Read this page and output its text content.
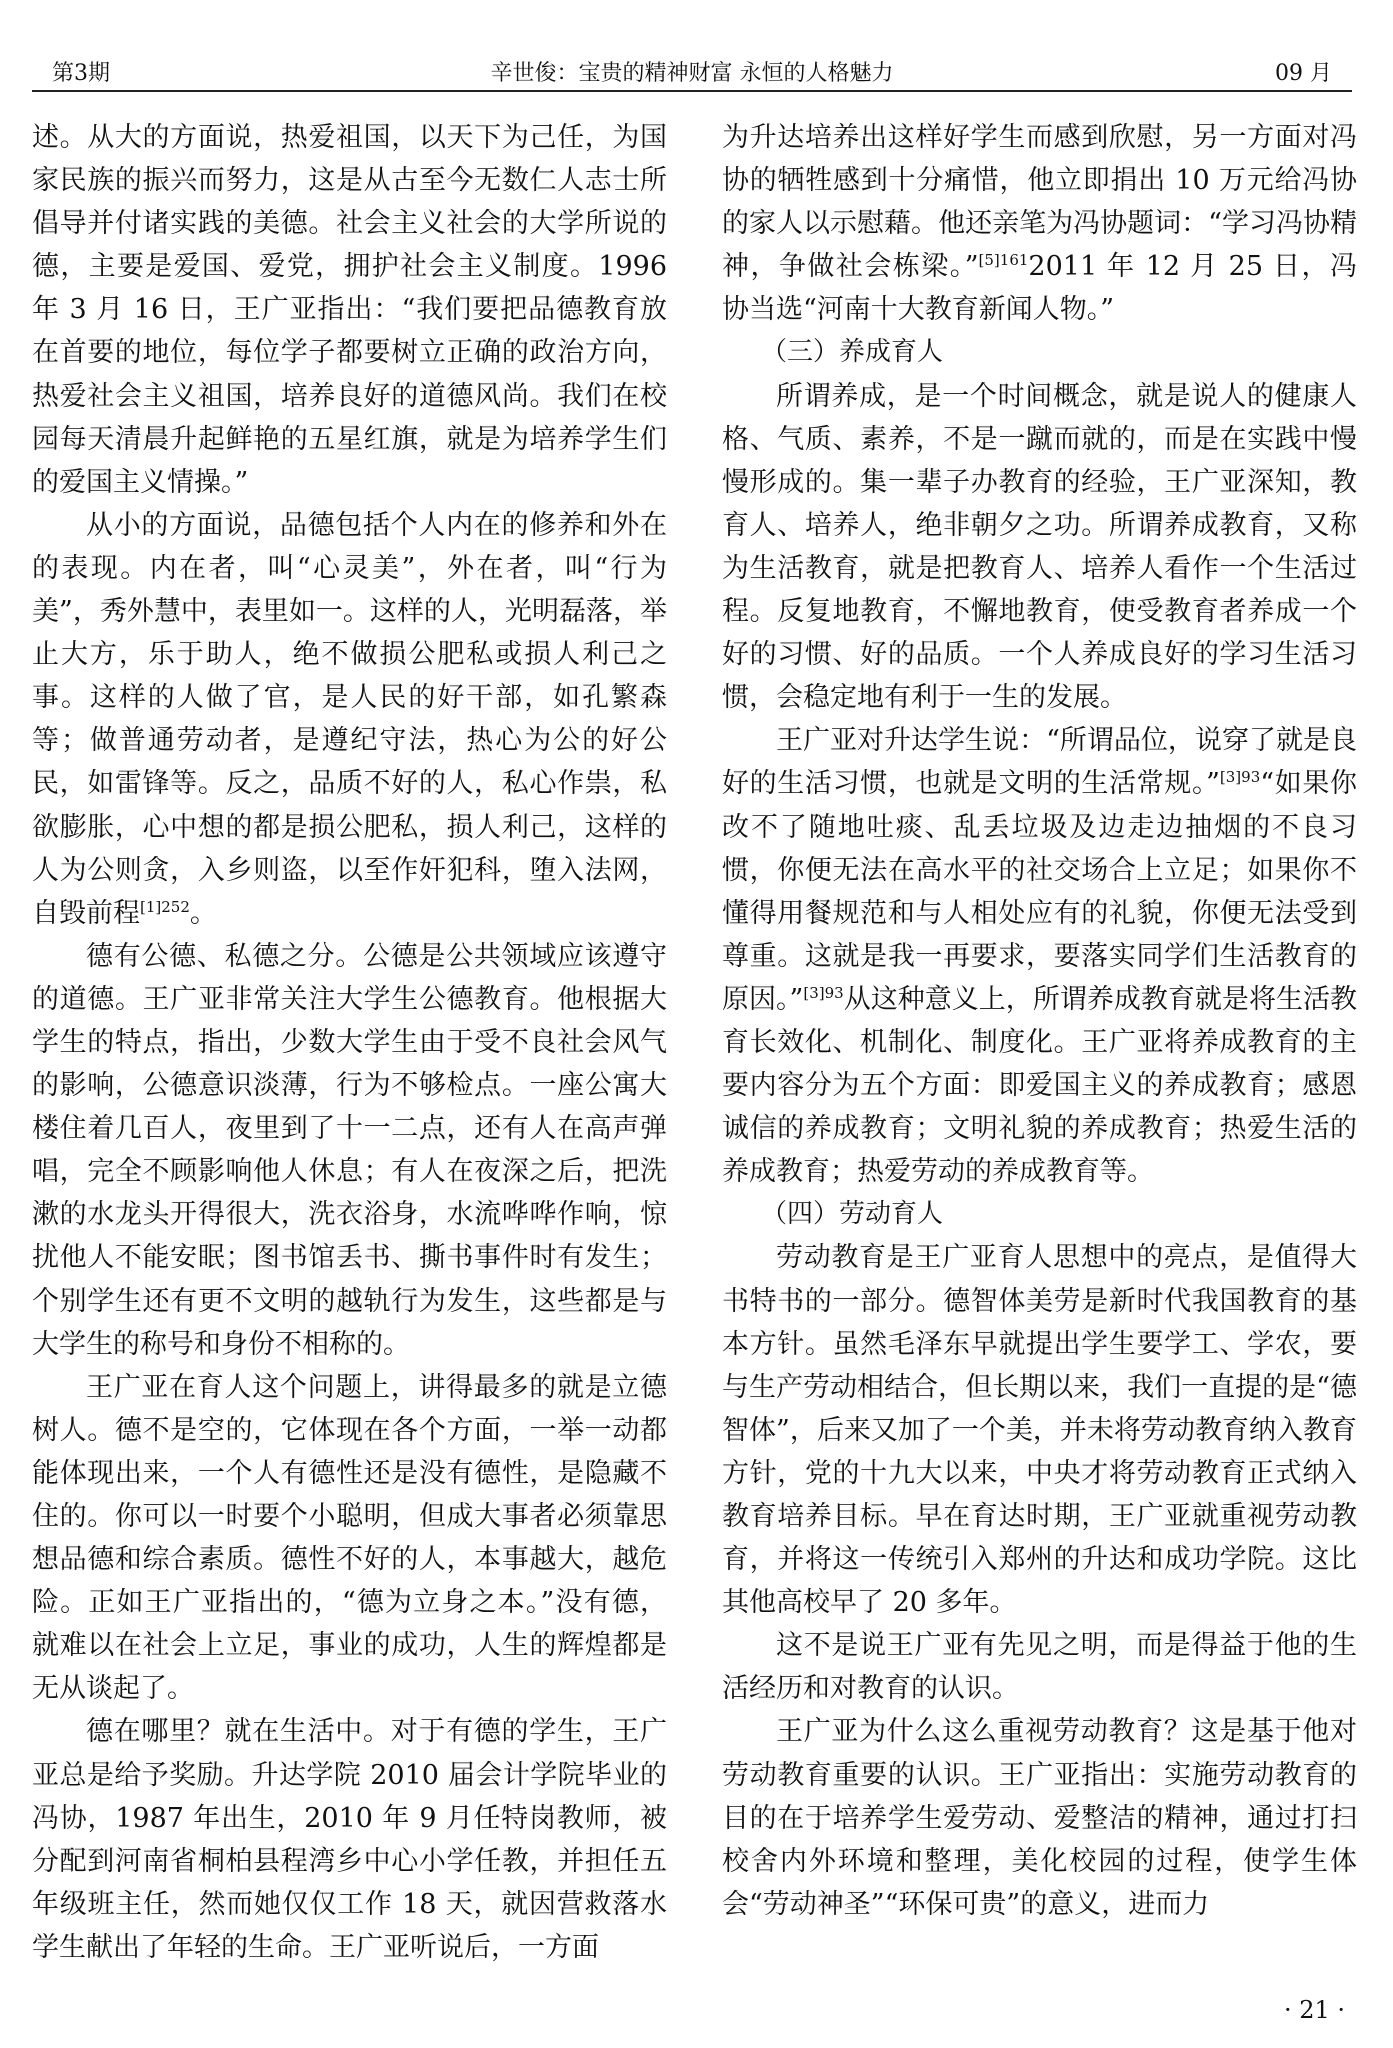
第3期	辛世俊：宝贵的精神财富 永恒的人格魅力	09 月

述。从大的方面说，热爱祖国，以天下为己任，为国家民族的振兴而努力，这是从古至今无数仁人志士所倡导并付诸实践的美德。社会主义社会的大学所说的德，主要是爱国、爱党，拥护社会主义制度。1996 年 3 月 16 日，王广亚指出：“我们要把品德教育放在首要的地位，每位学子都要树立正确的政治方向，热爱社会主义祖国，培养良好的道德风尚。我们在校园每天清晨升起鲜艳的五星红旗，就是为培养学生们的爱国主义情操。”

从小的方面说，品德包括个人内在的修养和外在的表现。内在者，叫“心灵美”，外在者，叫“行为美”，秀外慧中，表里如一。这样的人，光明磊落，举止大方，乐于助人，绝不做损公肥私或损人利己之事。这样的人做了官，是人民的好干部，如孔繁森等；做普通劳动者，是遵纪守法，热心为公的好公民，如雷锋等。反之，品质不好的人，私心作祟，私欲膨胀，心中想的都是损公肥私，损人利己，这样的人为公则贪，入乡则盗，以至作奸犯科，堕入法网，自毁前程$^{[1]252}$。

德有公德、私德之分。公德是公共领域应该遵守的道德。王广亚非常关注大学生公德教育。他根据大学生的特点，指出，少数大学生由于受不良社会风气的影响，公德意识淡薄，行为不够检点。一座公寓大楼住着几百人，夜里到了十一二点，还有人在高声弹唱，完全不顾影响他人休息；有人在夜深之后，把洗漱的水龙头开得很大，洗衣浴身，水流哗哗作响，惊扰他人不能安眠；图书馆丢书、撕书事件时有发生；个别学生还有更不文明的越轨行为发生，这些都是与大学生的称号和身份不相称的。

王广亚在育人这个问题上，讲得最多的就是立德树人。德不是空的，它体现在各个方面，一举一动都能体现出来，一个人有德性还是没有德性，是隐藏不住的。你可以一时要个小聪明，但成大事者必须靠思想品德和综合素质。德性不好的人，本事越大，越危险。正如王广亚指出的，“德为立身之本。”没有德，就难以在社会上立足，事业的成功，人生的辉煌都是无从谈起了。

德在哪里？就在生活中。对于有德的学生，王广亚总是给予奖励。升达学院 2010 届会计学院毕业的冯协，1987 年出生，2010 年 9 月任特岗教师，被分配到河南省桐柏县程湾乡中心小学任教，并担任五年级班主任，然而她仅仅工作 18 天，就因营救落水学生献出了年轻的生命。王广亚听说后，一方面

为升达培养出这样好学生而感到欣慰，另一方面对冯协的牺牲感到十分痛惜，他立即捐出 10 万元给冯协的家人以示慰藉。他还亲笔为冯协题词：“学习冯协精神，争做社会栋梁。”$^{[5]161}$2011 年 12 月 25 日，冯协当选“河南十大教育新闻人物。”

（三）养成育人

所谓养成，是一个时间概念，就是说人的健康人格、气质、素养，不是一蹴而就的，而是在实践中慢慢形成的。集一辈子办教育的经验，王广亚深知，教育人、培养人，绝非朝夕之功。所谓养成教育，又称为生活教育，就是把教育人、培养人看作一个生活过程。反复地教育，不懈地教育，使受教育者养成一个好的习惯、好的品质。一个人养成良好的学习生活习惯，会稳定地有利于一生的发展。

王广亚对升达学生说：“所谓品位，说穿了就是良好的生活习惯，也就是文明的生活常规。”$^{[3]93}$“如果你改不了随地吐痰、乱丢垃圾及边走边抽烟的不良习惯，你便无法在高水平的社交场合上立足；如果你不懂得用餐规范和与人相处应有的礼貌，你便无法受到尊重。这就是我一再要求，要落实同学们生活教育的原因。”$^{[3]93}$从这种意义上，所谓养成教育就是将生活教育长效化、机制化、制度化。王广亚将养成教育的主要内容分为五个方面：即爱国主义的养成教育；感恩诚信的养成教育；文明礼貌的养成教育；热爱生活的养成教育；热爱劳动的养成教育等。

（四）劳动育人

劳动教育是王广亚育人思想中的亮点，是值得大书特书的一部分。德智体美劳是新时代我国教育的基本方针。虽然毛泽东早就提出学生要学工、学农，要与生产劳动相结合，但长期以来，我们一直提的是“德智体”，后来又加了一个美，并未将劳动教育纳入教育方针，党的十九大以来，中央才将劳动教育正式纳入教育培养目标。早在育达时期，王广亚就重视劳动教育，并将这一传统引入郑州的升达和成功学院。这比其他高校早了 20 多年。

这不是说王广亚有先见之明，而是得益于他的生活经历和对教育的认识。

王广亚为什么这么重视劳动教育？这是基于他对劳动教育重要的认识。王广亚指出：实施劳动教育的目的在于培养学生爱劳动、爱整洁的精神，通过打扫校舍内外环境和整理，美化校园的过程，使学生体会“劳动神圣”“环保可贵”的意义，进而力

· 21 ·
